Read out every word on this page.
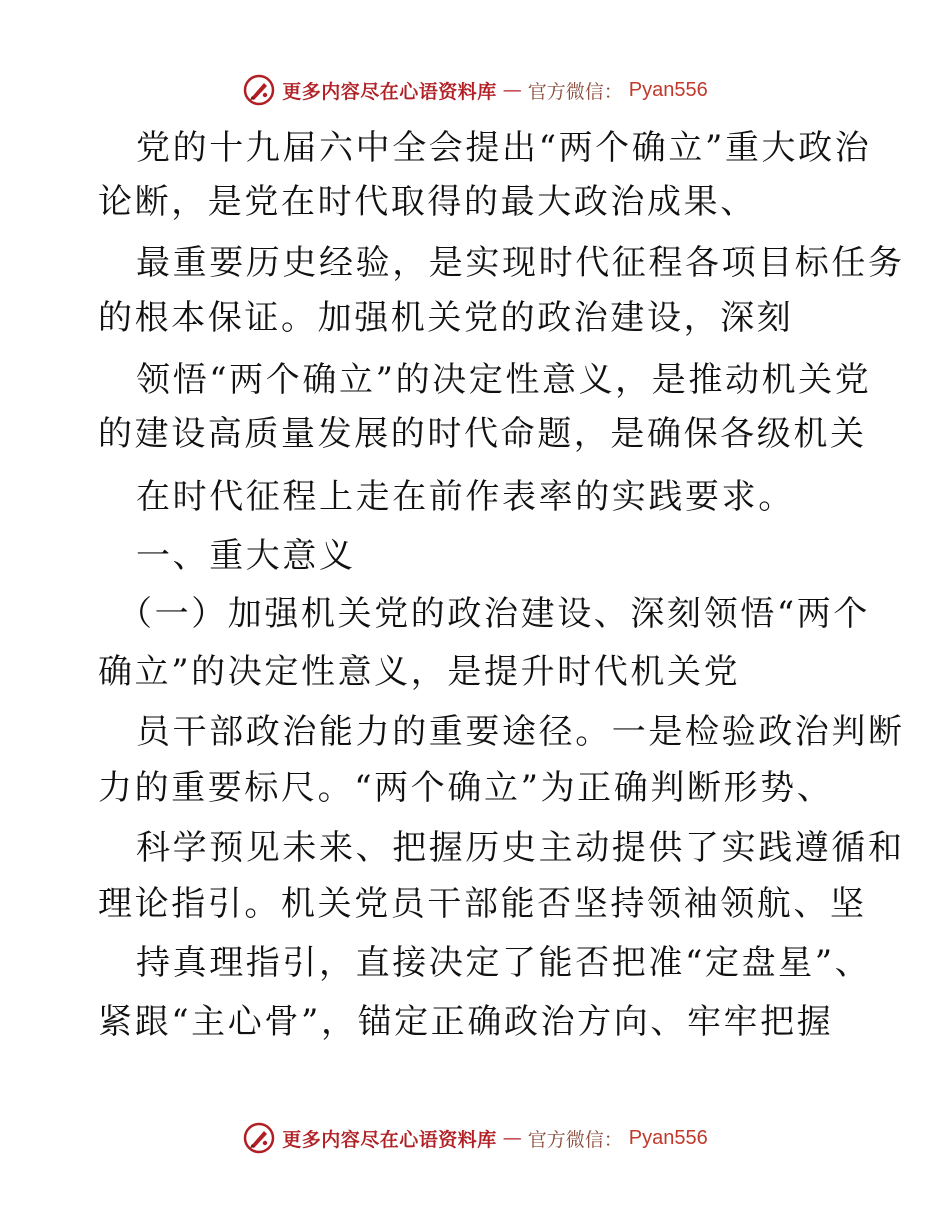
更多内容尽在心语资料库 — 官方微信： Pyan556
党的十九届六中全会提出“两个确立”重大政治
论断，是党在时代取得的最大政治成果、
最重要历史经验，是实现时代征程各项目标任务
的根本保证。加强机关党的政治建设，深刻
领悟“两个确立”的决定性意义，是推动机关党
的建设高质量发展的时代命题，是确保各级机关
在时代征程上走在前作表率的实践要求。
一、重大意义
（一）加强机关党的政治建设、深刻领悟“两个
确立”的决定性意义，是提升时代机关党
员干部政治能力的重要途径。一是检验政治判断
力的重要标尺。“两个确立”为正确判断形势、
科学预见未来、把握历史主动提供了实践遵循和
理论指引。机关党员干部能否坚持领袖领航、坚
持真理指引，直接决定了能否把准“定盘星”、
紧跟“主心骨”，锚定正确政治方向、牢牢把握
更多内容尽在心语资料库 — 官方微信： Pyan556
